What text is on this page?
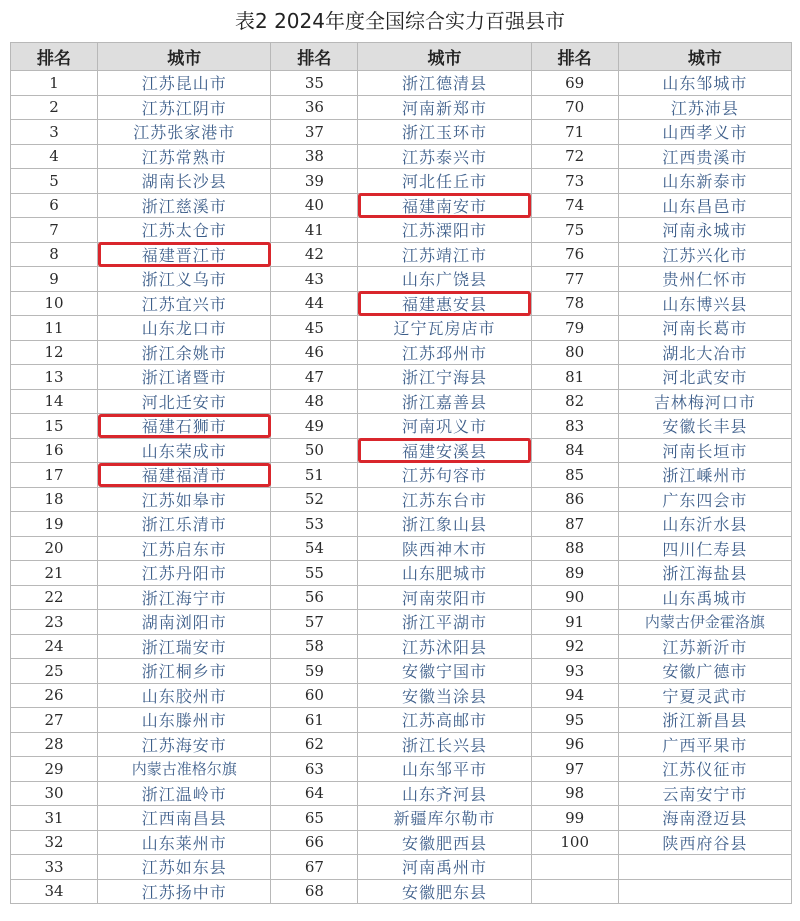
表2 2024年度全国综合实力百强县市
排名	城市	排名	城市	排名	城市
1	江苏昆山市	35	浙江德清县	69	山东邹城市
2	江苏江阴市	36	河南新郑市	70	江苏沛县
3	江苏张家港市	37	浙江玉环市	71	山西孝义市
4	江苏常熟市	38	江苏泰兴市	72	江西贵溪市
5	湖南长沙县	39	河北任丘市	73	山东新泰市
6	浙江慈溪市	40	福建南安市	74	山东昌邑市
7	江苏太仓市	41	江苏溧阳市	75	河南永城市
8	福建晋江市	42	江苏靖江市	76	江苏兴化市
9	浙江义乌市	43	山东广饶县	77	贵州仁怀市
10	江苏宜兴市	44	福建惠安县	78	山东博兴县
11	山东龙口市	45	辽宁瓦房店市	79	河南长葛市
12	浙江余姚市	46	江苏邳州市	80	湖北大冶市
13	浙江诸暨市	47	浙江宁海县	81	河北武安市
14	河北迁安市	48	浙江嘉善县	82	吉林梅河口市
15	福建石狮市	49	河南巩义市	83	安徽长丰县
16	山东荣成市	50	福建安溪县	84	河南长垣市
17	福建福清市	51	江苏句容市	85	浙江嵊州市
18	江苏如皋市	52	江苏东台市	86	广东四会市
19	浙江乐清市	53	浙江象山县	87	山东沂水县
20	江苏启东市	54	陕西神木市	88	四川仁寿县
21	江苏丹阳市	55	山东肥城市	89	浙江海盐县
22	浙江海宁市	56	河南荥阳市	90	山东禹城市
23	湖南浏阳市	57	浙江平湖市	91	内蒙古伊金霍洛旗
24	浙江瑞安市	58	江苏沭阳县	92	江苏新沂市
25	浙江桐乡市	59	安徽宁国市	93	安徽广德市
26	山东胶州市	60	安徽当涂县	94	宁夏灵武市
27	山东滕州市	61	江苏高邮市	95	浙江新昌县
28	江苏海安市	62	浙江长兴县	96	广西平果市
29	内蒙古准格尔旗	63	山东邹平市	97	江苏仪征市
30	浙江温岭市	64	山东齐河县	98	云南安宁市
31	江西南昌县	65	新疆库尔勒市	99	海南澄迈县
32	山东莱州市	66	安徽肥西县	100	陕西府谷县
33	江苏如东县	67	河南禹州市		
34	江苏扬中市	68	安徽肥东县		
